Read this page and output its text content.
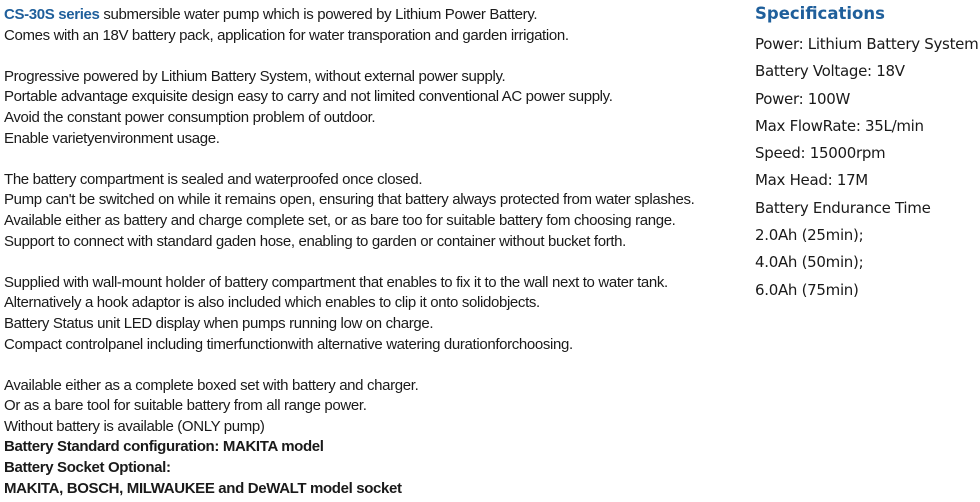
CS-30S series submersible water pump which is powered by Lithium Power Battery.
Comes with an 18V battery pack, application for water transporation and garden irrigation.
Progressive powered by Lithium Battery System, without external power supply.
Portable advantage exquisite design easy to carry and not limited conventional AC power supply.
Avoid the constant power consumption problem of outdoor.
Enable varietyenvironment usage.
The battery compartment is sealed and waterproofed once closed.
Pump can't be switched on while it remains open, ensuring that battery always protected from water splashes.
Available either as battery and charge complete set, or as bare too for suitable battery fom choosing range.
Support to connect with standard gaden hose, enabling to garden or container without bucket forth.
Supplied with wall-mount holder of battery compartment that enables to fix it to the wall next to water tank.
Alternatively a hook adaptor is also included which enables to clip it onto solidobjects.
Battery Status unit LED display when pumps running low on charge.
Compact controlpanel including timerfunctionwith alternative watering durationforchoosing.
Available either as a complete boxed set with battery and charger.
Or as a bare tool for suitable battery from all range power.
Without battery is available (ONLY pump)
Battery Standard configuration: MAKITA model
Battery Socket Optional:
MAKITA, BOSCH, MILWAUKEE and DeWALT model socket
Specifications
Power: Lithium Battery System
Battery Voltage: 18V
Power: 100W
Max FlowRate: 35L/min
Speed: 15000rpm
Max Head: 17M
Battery Endurance Time
2.0Ah (25min);
4.0Ah (50min);
6.0Ah (75min)
